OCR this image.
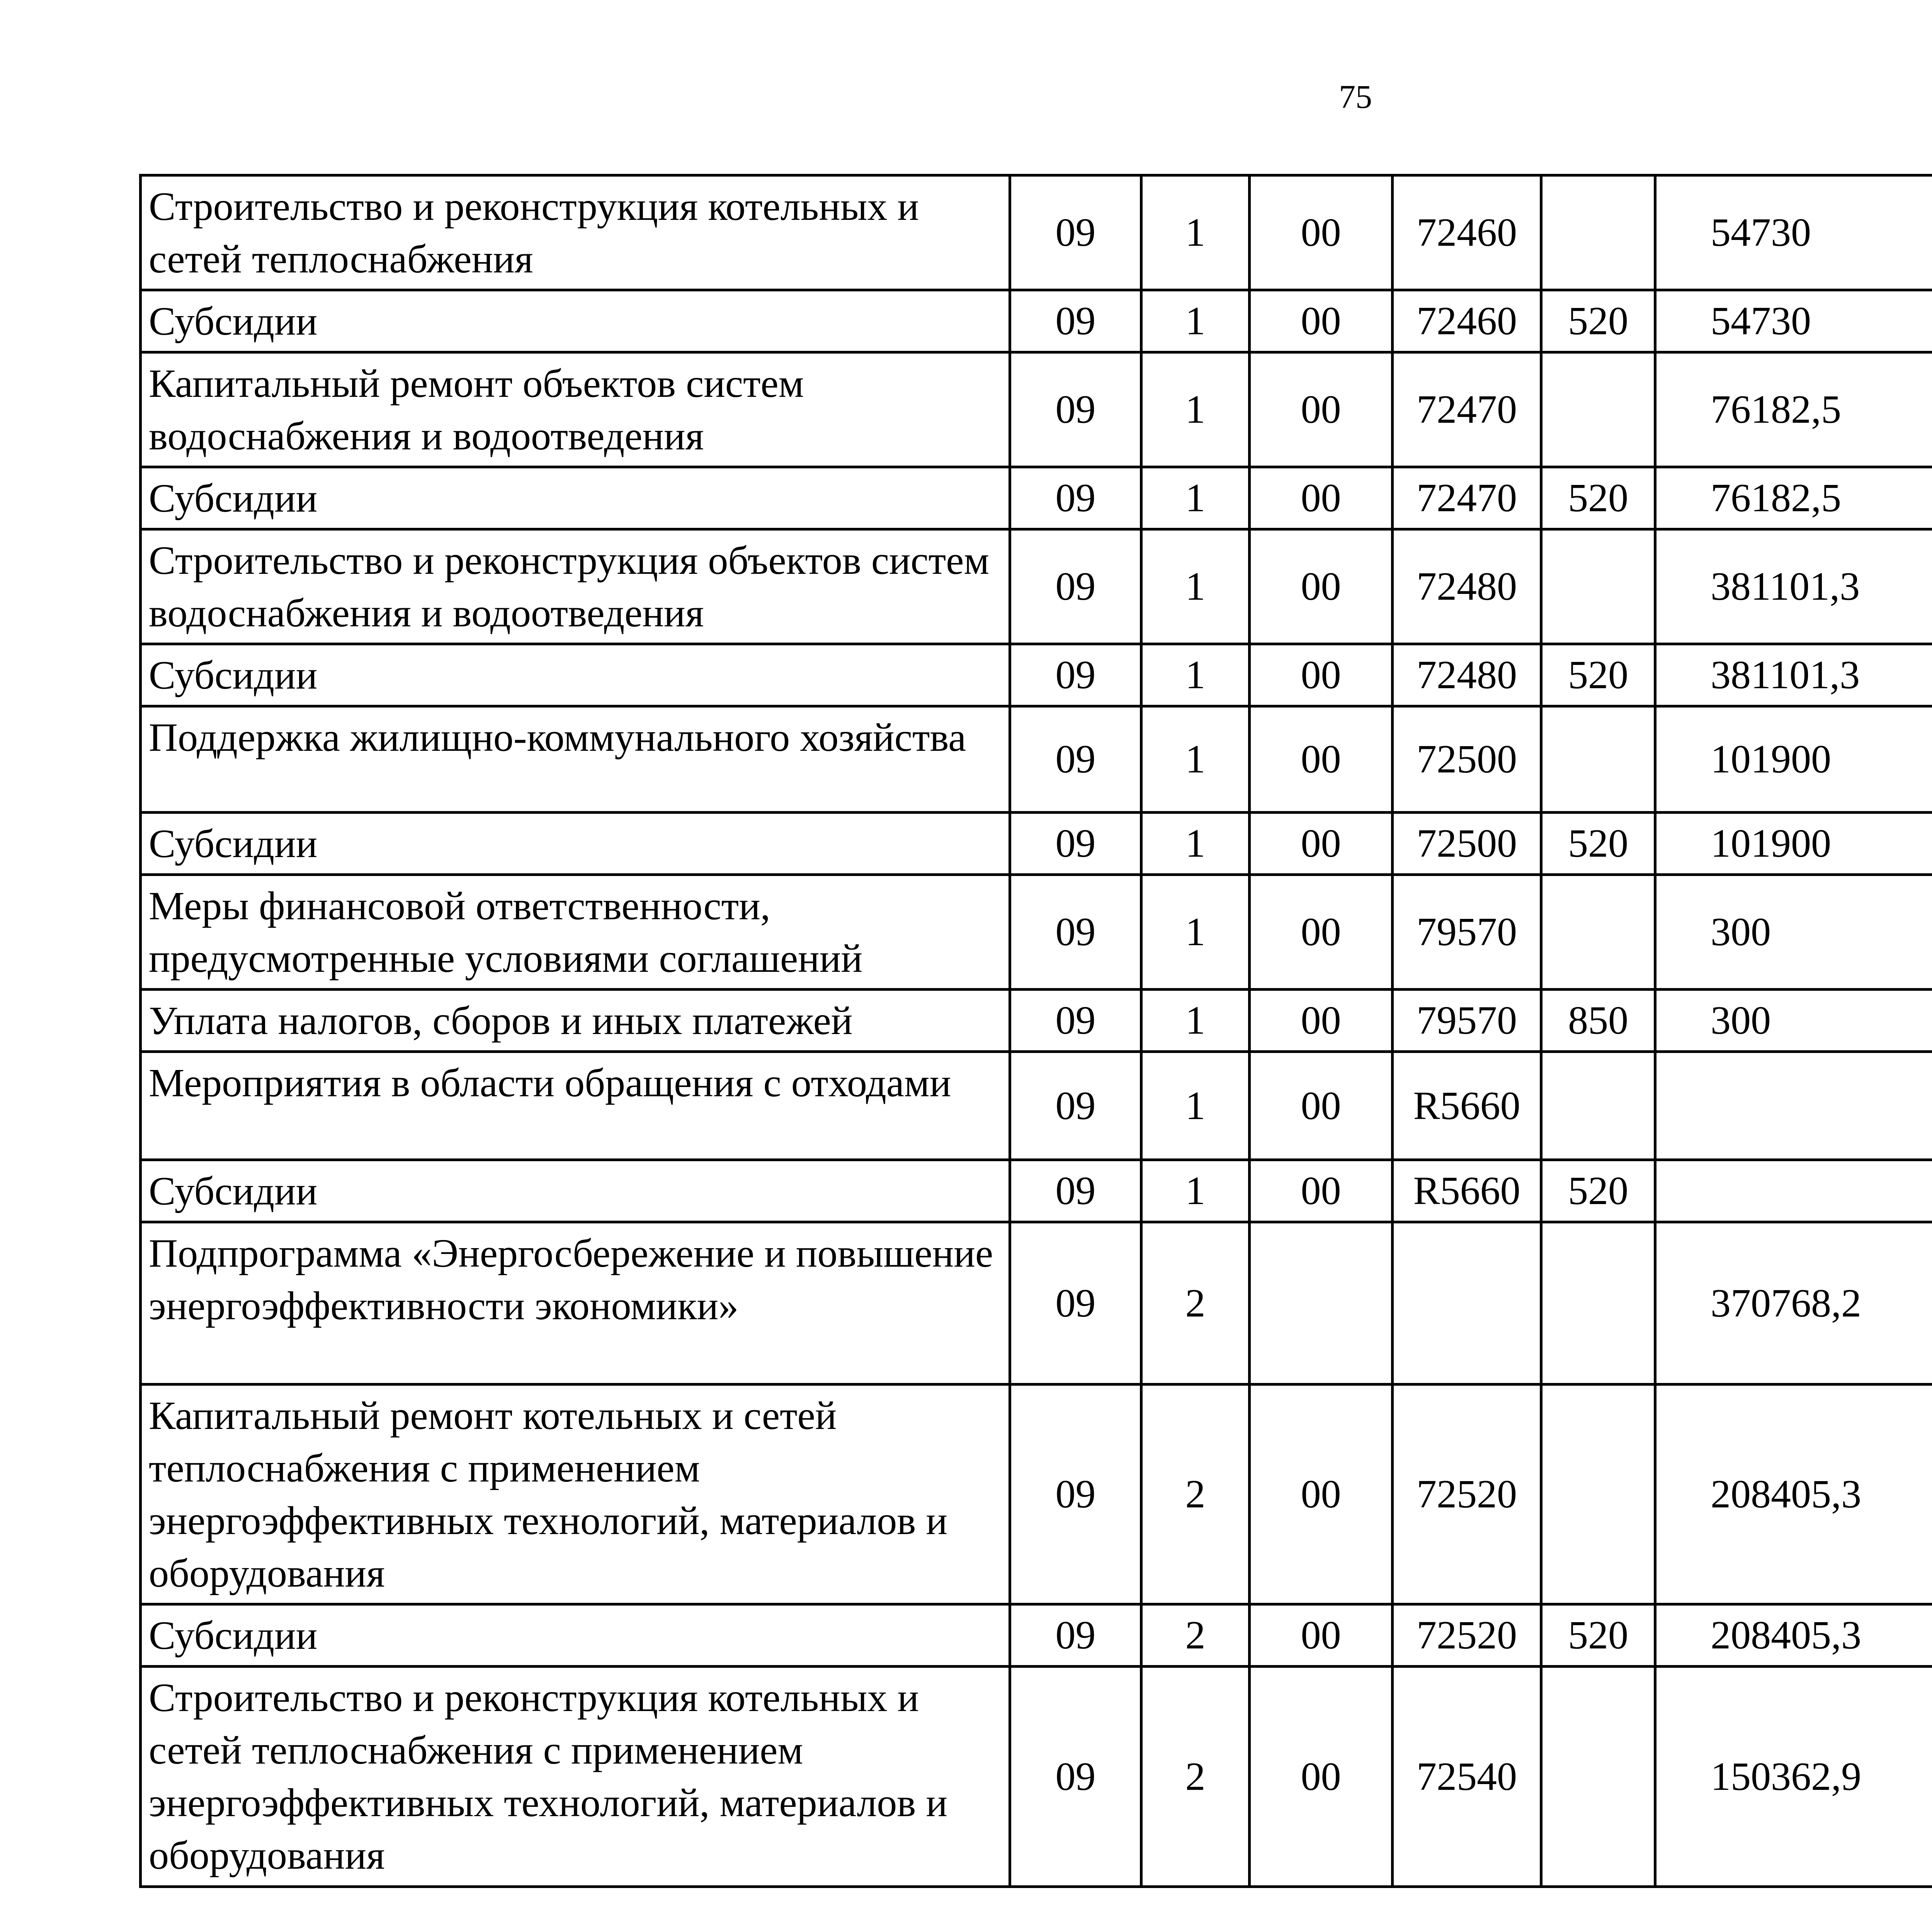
75
Строительство и реконструкция котельных и сетей теплоснабжения	09	1	00	72460		54730		
Субсидии	09	1	00	72460	520	54730		
Капитальный ремонт объектов систем водоснабжения и водоотведения	09	1	00	72470		76182,5		
Субсидии	09	1	00	72470	520	76182,5		
Строительство и реконструкция объектов систем водоснабжения и водоотведения	09	1	00	72480		381101,3		
Субсидии	09	1	00	72480	520	381101,3		
Поддержка жилищно-коммунального хозяйства	09	1	00	72500		101900		
Субсидии	09	1	00	72500	520	101900		
Меры финансовой ответственности, предусмотренные условиями соглашений	09	1	00	79570		300		
Уплата налогов, сборов и иных платежей	09	1	00	79570	850	300		
Мероприятия в области обращения с отходами	09	1	00	R5660				
Субсидии	09	1	00	R5660	520			
Подпрограмма «Энергосбережение и повышение энергоэффективности экономики»	09	2				370768,2		
Капитальный ремонт котельных и сетей теплоснабжения с применением энергоэффективных технологий, материалов и оборудования	09	2	00	72520		208405,3		
Субсидии	09	2	00	72520	520	208405,3		
Строительство и реконструкция котельных и сетей теплоснабжения с применением энергоэффективных технологий, материалов и оборудования	09	2	00	72540		150362,9		
